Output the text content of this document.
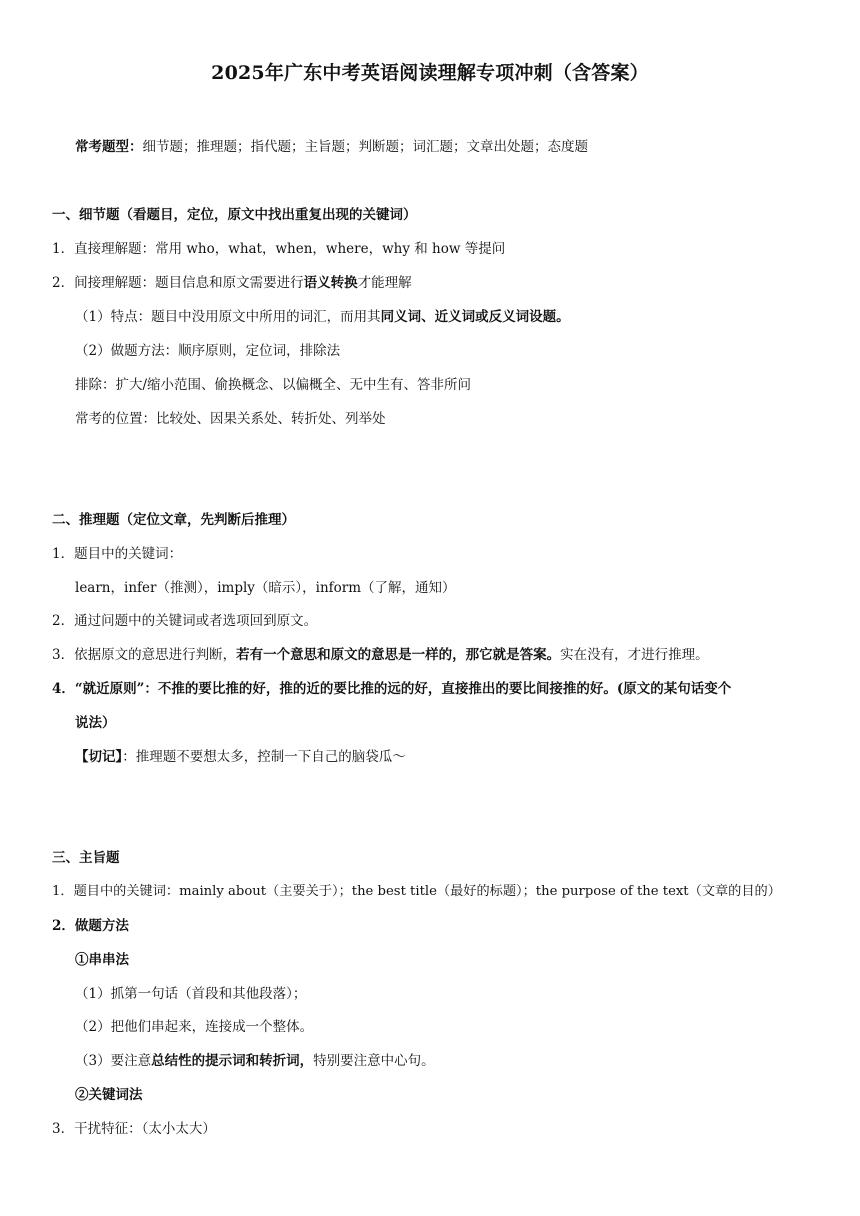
2025年广东中考英语阅读理解专项冲刺（含答案）
常考题型：细节题；推理题；指代题；主旨题；判断题；词汇题；文章出处题；态度题
一、细节题（看题目，定位，原文中找出重复出现的关键词）
1．直接理解题：常用 who，what，when，where，why 和 how 等提问
2．间接理解题：题目信息和原文需要进行语义转换才能理解
（1）特点：题目中没用原文中所用的词汇，而用其同义词、近义词或反义词设题。
（2）做题方法：顺序原则，定位词，排除法
排除：扩大/缩小范围、偷换概念、以偏概全、无中生有、答非所问
常考的位置：比较处、因果关系处、转折处、列举处
二、推理题（定位文章，先判断后推理）
1．题目中的关键词：
learn，infer（推测），imply（暗示），inform（了解，通知）
2．通过问题中的关键词或者选项回到原文。
3．依据原文的意思进行判断，若有一个意思和原文的意思是一样的，那它就是答案。实在没有，才进行推理。
4．“就近原则”：不推的要比推的好，推的近的要比推的远的好，直接推出的要比间接推的好。(原文的某句话变个
说法）
【切记】：推理题不要想太多，控制一下自己的脑袋瓜～
三、主旨题
1．题目中的关键词：mainly about（主要关于）；the best title（最好的标题）；the purpose of the text（文章的目的）
2．做题方法
①串串法
（1）抓第一句话（首段和其他段落）；
（2）把他们串起来，连接成一个整体。
（3）要注意总结性的提示词和转折词，特别要注意中心句。
②关键词法
3．干扰特征：（太小太大）
